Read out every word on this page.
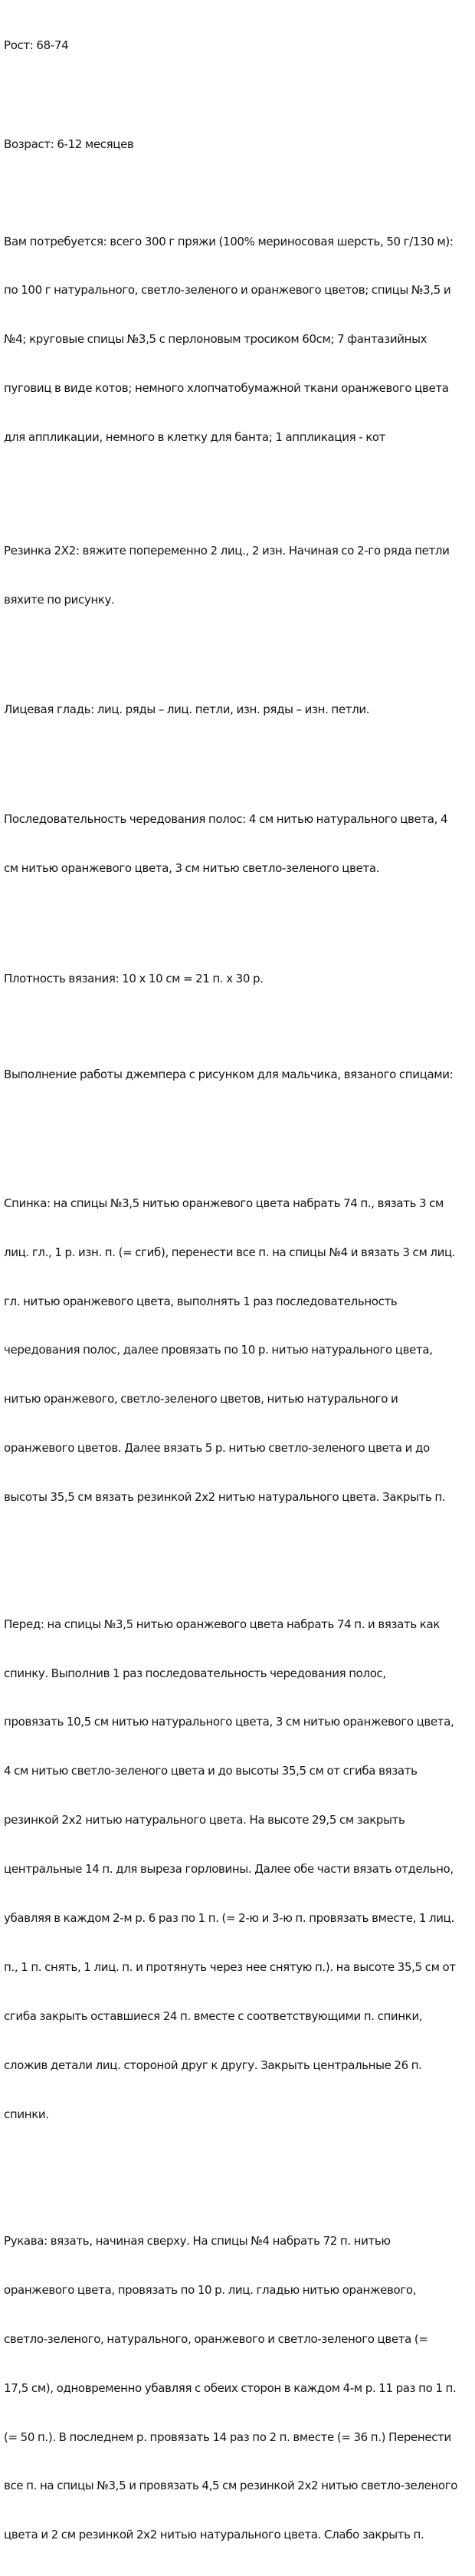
Рост: 68-74

Возраст: 6-12 месяцев

Вам потребуется: всего 300 г пряжи (100% мериносовая шерсть, 50 г/130 м):

по 100 г натурального, светло-зеленого и оранжевого цветов; спицы №3,5 и

№4; круговые спицы №3,5 с перлоновым тросиком 60см; 7 фантазийных

пуговиц в виде котов; немного хлопчатобумажной ткани оранжевого цвета

для аппликации, немного в клетку для банта; 1 аппликация - кот

Резинка 2Х2: вяжите попеременно 2 лиц., 2 изн. Начиная со 2-го ряда петли

вяхите по рисунку.

Лицевая гладь: лиц. ряды – лиц. петли, изн. ряды – изн. петли.

Последовательность чередования полос: 4 см нитью натурального цвета, 4

см нитью оранжевого цвета, 3 см нитью светло-зеленого цвета.

Плотность вязания: 10 х 10 см = 21 п. х 30 р.

Выполнение работы джемпера с рисунком для мальчика, вязаного спицами:

Спинка: на спицы №3,5 нитью оранжевого цвета набрать 74 п., вязать 3 см

лиц. гл., 1 р. изн. п. (= сгиб), перенести все п. на спицы №4 и вязать 3 см лиц.

гл. нитью оранжевого цвета, выполнять 1 раз последовательность

чередования полос, далее провязать по 10 р. нитью натурального цвета,

нитью оранжевого, светло-зеленого цветов, нитью натурального и

оранжевого цветов. Далее вязать 5 р. нитью светло-зеленого цвета и до

высоты 35,5 см вязать резинкой 2х2 нитью натурального цвета. Закрыть п.

Перед: на спицы №3,5 нитью оранжевого цвета набрать 74 п. и вязать как

спинку. Выполнив 1 раз последовательность чередования полос,

провязать 10,5 см нитью натурального цвета, 3 см нитью оранжевого цвета,

4 см нитью светло-зеленого цвета и до высоты 35,5 см от сгиба вязать

резинкой 2х2 нитью натурального цвета. На высоте 29,5 см закрыть

центральные 14 п. для выреза горловины. Далее обе части вязать отдельно,

убавляя в каждом 2-м р. 6 раз по 1 п. (= 2-ю и 3-ю п. провязать вместе, 1 лиц.

п., 1 п. снять, 1 лиц. п. и протянуть через нее снятую п.). на высоте 35,5 см от

сгиба закрыть оставшиеся 24 п. вместе с соответствующими п. спинки,

сложив детали лиц. стороной друг к другу. Закрыть центральные 26 п.

спинки.

Рукава: вязать, начиная сверху. На спицы №4 набрать 72 п. нитью

оранжевого цвета, провязать по 10 р. лиц. гладью нитью оранжевого,

светло-зеленого, натурального, оранжевого и светло-зеленого цвета (=

17,5 см), одновременно убавляя с обеих сторон в каждом 4-м р. 11 раз по 1 п.

(= 50 п.). В последнем р. провязать 14 раз по 2 п. вместе (= 36 п.) Перенести

все п. на спицы №3,5 и провязать 4,5 см резинкой 2х2 нитью светло-зеленого

цвета и 2 см резинкой 2х2 нитью натурального цвета. Слабо закрыть п.
